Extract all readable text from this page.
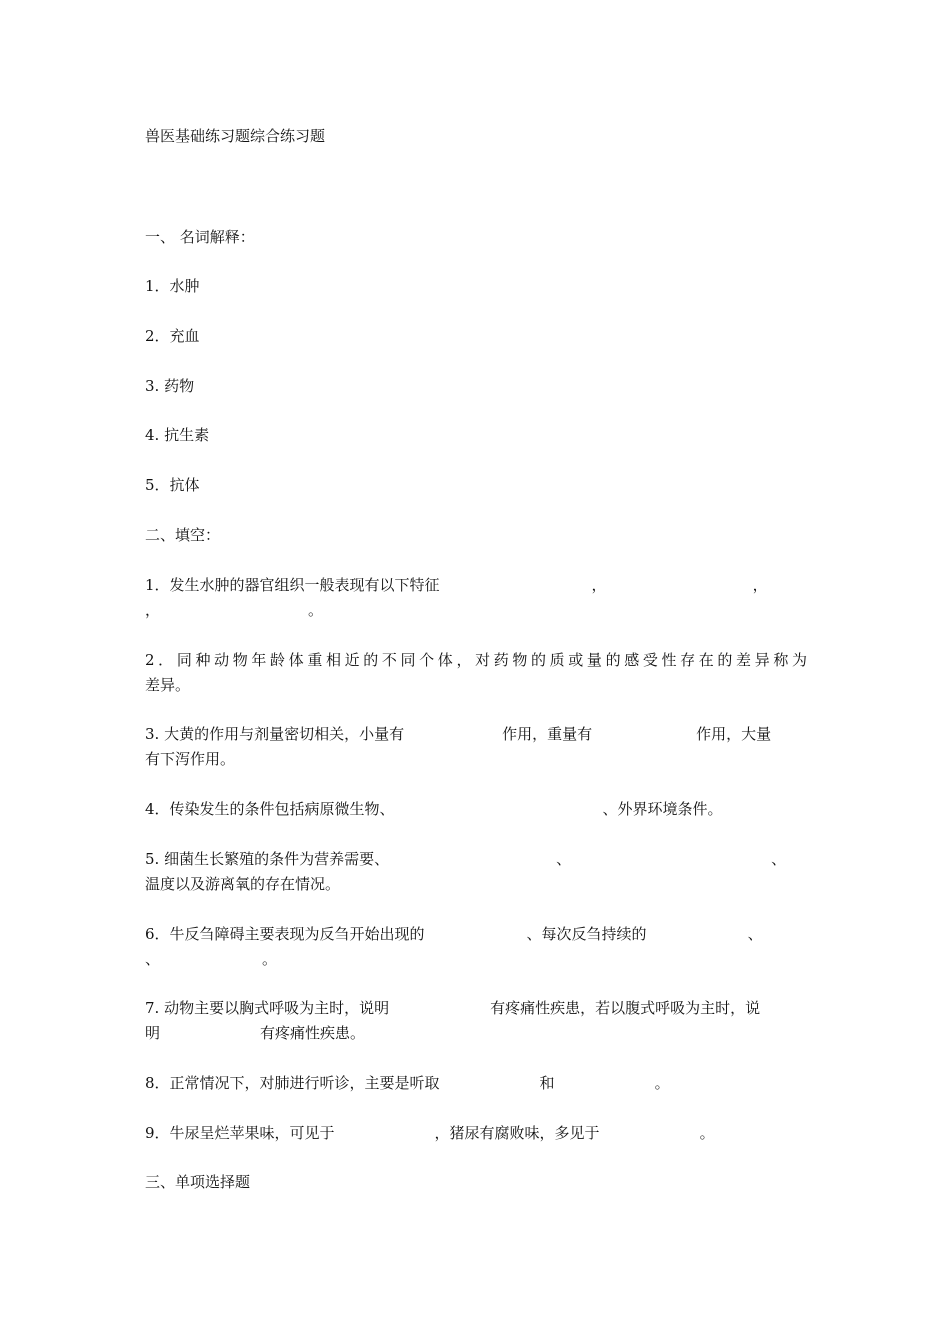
兽医基础练习题综合练习题

一、 名词解释：

1．水肿

2．充血

3. 药物

4. 抗生素

5．抗体

二、填空：

1．发生水肿的器官组织一般表现有以下特征	，	，

，	。

2．同种动物年龄体重相近的不同个体，对药物的质或量的感受性存在的差异称为

差异。

3. 大黄的作用与剂量密切相关，小量有	作用，重量有	作用，大量

有下泻作用。

4．传染发生的条件包括病原微生物、	、外界环境条件。

5. 细菌生长繁殖的条件为营养需要、	、	、

温度以及游离氧的存在情况。

6．牛反刍障碍主要表现为反刍开始出现的	、每次反刍持续的	、

、	。

7. 动物主要以胸式呼吸为主时，说明	有疼痛性疾患，若以腹式呼吸为主时，说

明	有疼痛性疾患。

8．正常情况下，对肺进行听诊，主要是听取	和	。

9．牛尿呈烂苹果味，可见于	，猪尿有腐败味，多见于	。

三、单项选择题
